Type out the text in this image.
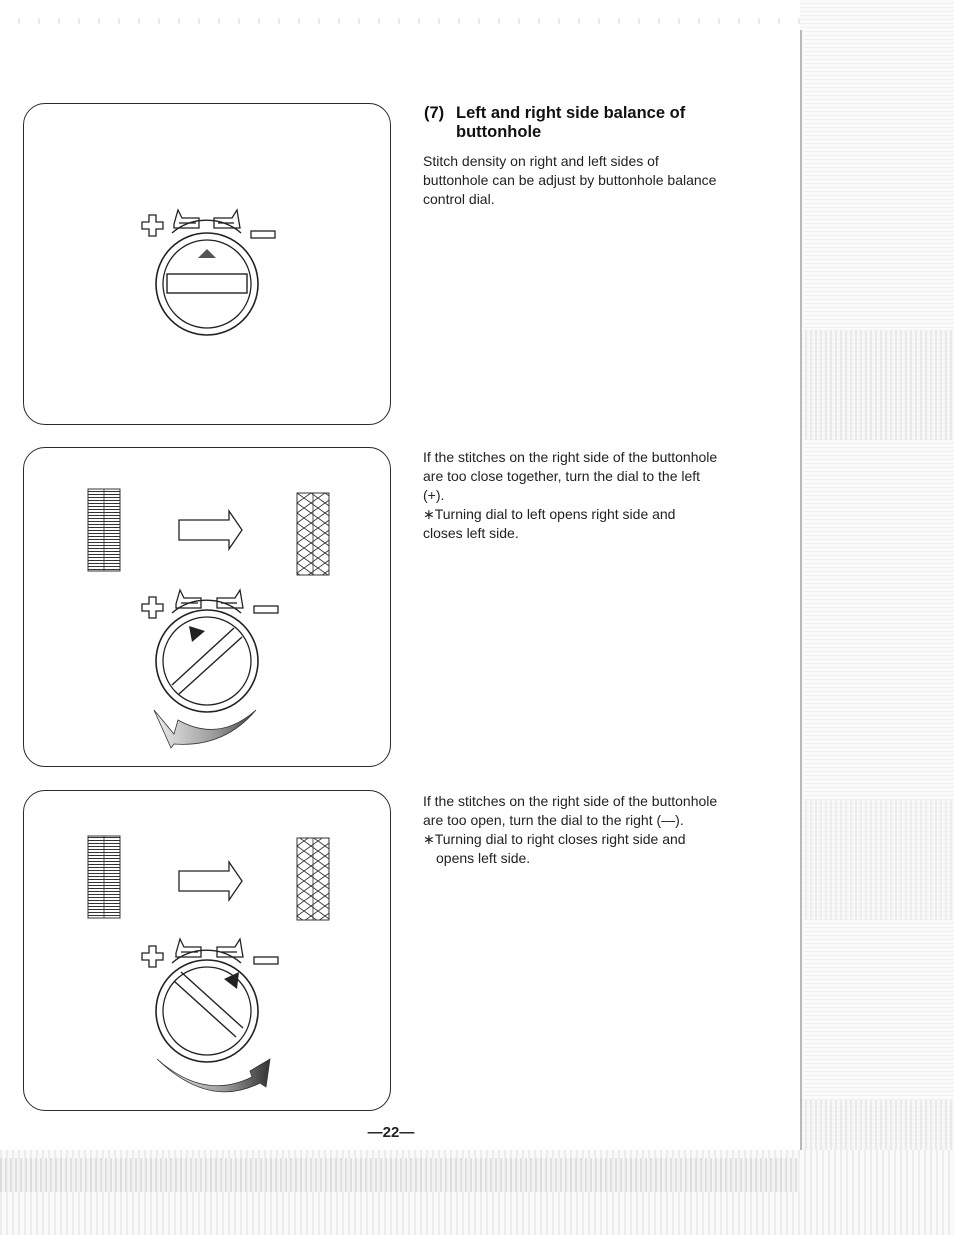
(7) Left and right side balance of
buttonhole

Stitch density on right and left sides of
buttonhole can be adjust by buttonhole balance
control dial.

If the stitches on the right side of the buttonhole
are too close together, turn the dial to the left
(+).
∗Turning dial to left opens right side and
closes left side.

If the stitches on the right side of the buttonhole
are too open, turn the dial to the right (—).
∗Turning dial to right closes right side and
opens left side.

—22—
